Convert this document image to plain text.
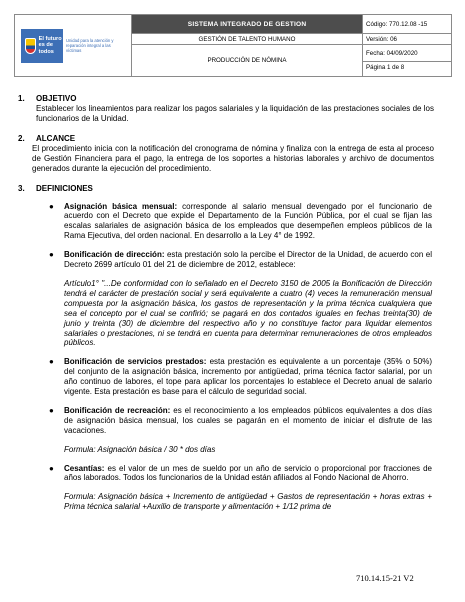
El futuro
es de todos
Unidad para la atención y reparación integral a las víctimas	SISTEMA INTEGRADO DE GESTION	Código: 770.12.08 -15
	GESTIÓN DE TALENTO HUMANO	Versión: 06
	PRODUCCIÓN DE NÓMINA	Fecha: 04/09/2020
Página 1 de 8
1. OBJETIVO

Establecer los lineamientos para realizar los pagos salariales y la liquidación de las prestaciones sociales de los funcionarios de la Unidad.

2. ALCANCE

El procedimiento inicia con la notificación del cronograma de nómina y finaliza con la entrega de esta al proceso de Gestión Financiera para el pago, la entrega de los soportes a historias laborales y archivo de documentos generados durante la ejecución del procedimiento.

3. DEFINICIONES
● Asignación básica mensual: corresponde al salario mensual devengado por el funcionario de acuerdo con el Decreto que expide el Departamento de la Función Pública, por el cual se fijan las escalas salariales de asignación básica de los empleados que desempeñen empleos públicos de la Rama Ejecutiva, del orden nacional. En desarrollo a la Ley 4° de 1992.
● Bonificación de dirección: esta prestación solo la percibe el Director de la Unidad, de acuerdo con el Decreto 2699 artículo 01 del 21 de diciembre de 2012, establece:
Artículo1° "...De conformidad con lo señalado en el Decreto 3150 de 2005 la Bonificación de Dirección tendrá el carácter de prestación social y será equivalente a cuatro (4) veces la remuneración mensual compuesta por la asignación básica, los gastos de representación y la prima técnica cualquiera que sea el concepto por el cual se confirió; se pagará en dos contados iguales en fechas treinta(30) de junio y treinta (30) de diciembre del respectivo año y no constituye factor para liquidar elementos salariales o prestaciones, ni se tendrá en cuenta para determinar remuneraciones de otros empleados públicos.
● Bonificación de servicios prestados: esta prestación es equivalente a un porcentaje (35% o 50%) del conjunto de la asignación básica, incremento por antigüedad, prima técnica factor salarial, por un año continuo de labores, el tope para aplicar los porcentajes lo establece el Decreto anual de salario vigente. Esta prestación es base para el cálculo de seguridad social.
● Bonificación de recreación: es el reconocimiento a los empleados públicos equivalentes a dos días de asignación básica mensual, los cuales se pagarán en el momento de iniciar el disfrute de las vacaciones.
Formula: Asignación básica / 30 * dos días
● Cesantías: es el valor de un mes de sueldo por un año de servicio o proporcional por fracciones de años laborados. Todos los funcionarios de la Unidad están afiliados al Fondo Nacional de Ahorro.
Formula: Asignación básica + Incremento de antigüedad + Gastos de representación + horas extras + Prima técnica salarial +Auxilio de transporte y alimentación + 1/12 prima de
710.14.15-21 V2
